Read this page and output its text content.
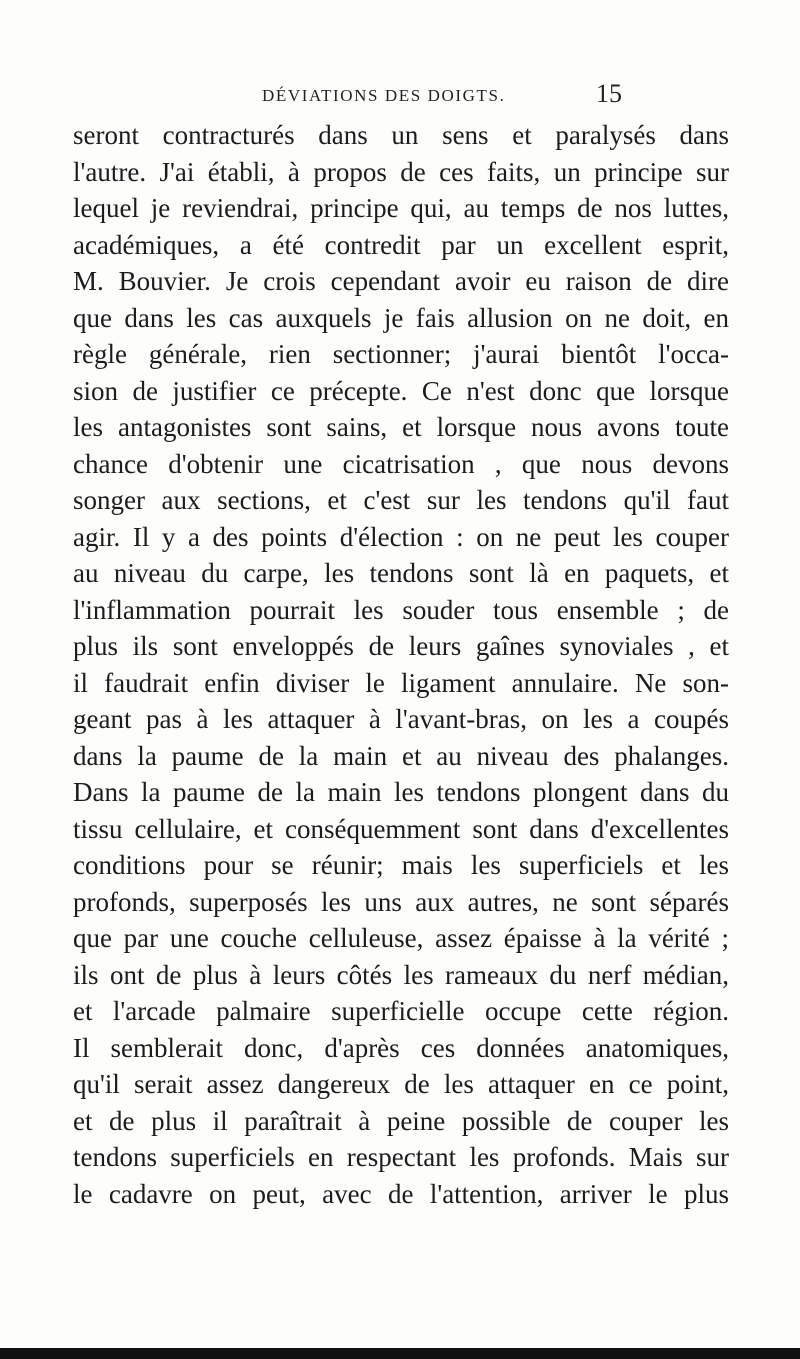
DÉVIATIONS DES DOIGTS.	15
seront contracturés dans un sens et paralysés dans
l'autre. J'ai établi, à propos de ces faits, un principe sur
lequel je reviendrai, principe qui, au temps de nos luttes,
académiques, a été contredit par un excellent esprit,
M. Bouvier. Je crois cependant avoir eu raison de dire
que dans les cas auxquels je fais allusion on ne doit, en
règle générale, rien sectionner; j'aurai bientôt l'occa-
sion de justifier ce précepte. Ce n'est donc que lorsque
les antagonistes sont sains, et lorsque nous avons toute
chance d'obtenir une cicatrisation , que nous devons
songer aux sections, et c'est sur les tendons qu'il faut
agir. Il y a des points d'élection : on ne peut les couper
au niveau du carpe, les tendons sont là en paquets, et
l'inflammation pourrait les souder tous ensemble ; de
plus ils sont enveloppés de leurs gaînes synoviales , et
il faudrait enfin diviser le ligament annulaire. Ne son-
geant pas à les attaquer à l'avant-bras, on les a coupés
dans la paume de la main et au niveau des phalanges.
Dans la paume de la main les tendons plongent dans du
tissu cellulaire, et conséquemment sont dans d'excellentes
conditions pour se réunir; mais les superficiels et les
profonds, superposés les uns aux autres, ne sont séparés
que par une couche celluleuse, assez épaisse à la vérité ;
ils ont de plus à leurs côtés les rameaux du nerf médian,
et l'arcade palmaire superficielle occupe cette région.
Il semblerait donc, d'après ces données anatomiques,
qu'il serait assez dangereux de les attaquer en ce point,
et de plus il paraîtrait à peine possible de couper les
tendons superficiels en respectant les profonds. Mais sur
le cadavre on peut, avec de l'attention, arriver le plus
